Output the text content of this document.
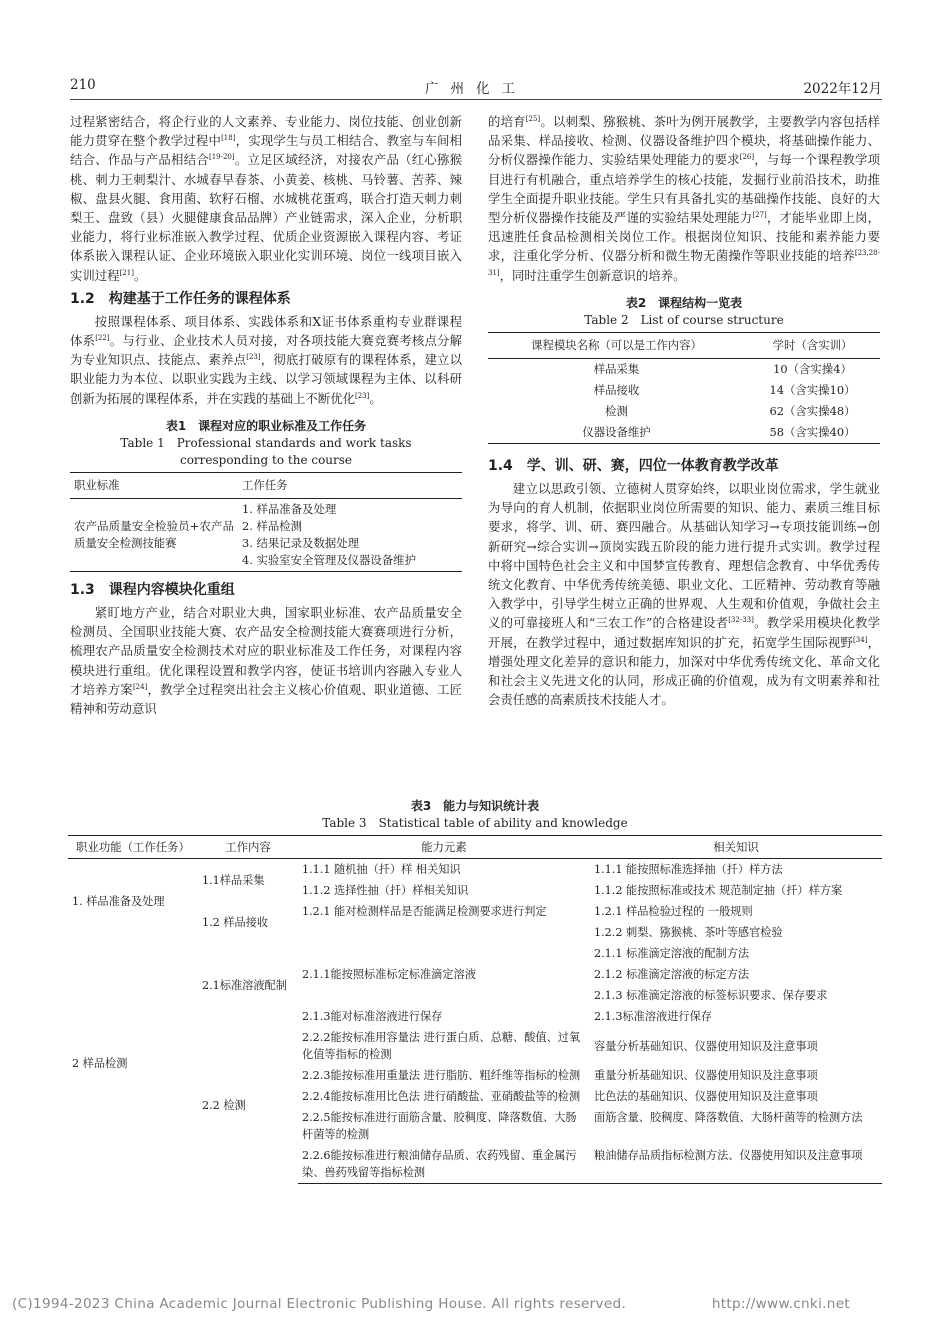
210	广州化工	2022年12月

过程紧密结合，将企行业的人文素养、专业能力、岗位技能、创业创新能力贯穿在整个教学过程中[18]，实现学生与员工相结合、教室与车间相结合、作品与产品相结合[19-20]。立足区域经济，对接农产品（红心猕猴桃、刺力王刺梨汁、水城春早春茶、小黄姜、核桃、马铃薯、苦荞、辣椒、盘县火腿、食用菌、软籽石榴、水城桃花蛋鸡，联合打造天刺力刺梨王、盘致（县）火腿健康食品品牌）产业链需求，深入企业，分析职业能力，将行业标准嵌入教学过程、优质企业资源嵌入课程内容、考证体系嵌入课程认证、企业环境嵌入职业化实训环境、岗位一线项目嵌入实训过程[21]。

1.2　构建基于工作任务的课程体系

按照课程体系、项目体系、实践体系和X证书体系重构专业群课程体系[22]。与行业、企业技术人员对接，对各项技能大赛竞赛考核点分解为专业知识点、技能点、素养点[23]，彻底打破原有的课程体系，建立以职业能力为本位、以职业实践为主线、以学习领域课程为主体、以科研创新为拓展的课程体系，并在实践的基础上不断优化[23]。

表1　课程对应的职业标准及工作任务
Table 1　Professional standards and work tasks corresponding to the course
职业标准	工作任务
农产品质量安全检验员+农产品质量安全检测技能赛	1. 样品准备及处理
2. 样品检测
3. 结果记录及数据处理
4. 实验室安全管理及仪器设备维护
1.3　课程内容模块化重组

紧盯地方产业，结合对职业大典，国家职业标准、农产品质量安全检测员、全国职业技能大赛、农产品安全检测技能大赛赛项进行分析，梳理农产品质量安全检测技术对应的职业标准及工作任务，对课程内容模块进行重组。优化课程设置和教学内容，使证书培训内容融入专业人才培养方案[24]，教学全过程突出社会主义核心价值观、职业道德、工匠精神和劳动意识

的培育[25]。以刺梨、猕猴桃、茶叶为例开展教学，主要教学内容包括样品采集、样品接收、检测、仪器设备维护四个模块，将基础操作能力、分析仪器操作能力、实验结果处理能力的要求[26]，与每一个课程教学项目进行有机融合，重点培养学生的核心技能，发掘行业前沿技术，助推学生全面提升职业技能。学生只有具备扎实的基础操作技能、良好的大型分析仪器操作技能及严谨的实验结果处理能力[27]，才能毕业即上岗，迅速胜任食品检测相关岗位工作。根据岗位知识、技能和素养能力要求，注重化学分析、仪器分析和微生物无菌操作等职业技能的培养[23,28-31]，同时注重学生创新意识的培养。

表2　课程结构一览表
Table 2　List of course structure
课程模块名称（可以是工作内容）	学时（含实训）
样品采集	10（含实操4）
样品接收	14（含实操10）
检测	62（含实操48）
仪器设备维护	58（含实操40）
1.4　学、训、研、赛，四位一体教育教学改革

建立以思政引领、立德树人贯穿始终，以职业岗位需求，学生就业为导向的育人机制，依据职业岗位所需要的知识、能力、素质三维目标要求，将学、训、研、赛四融合。从基础认知学习→专项技能训练→创新研究→综合实训→顶岗实践五阶段的能力进行提升式实训。教学过程中将中国特色社会主义和中国梦宣传教育、理想信念教育、中华优秀传统文化教育、中华优秀传统美德、职业文化、工匠精神、劳动教育等融入教学中，引导学生树立正确的世界观、人生观和价值观，争做社会主义的可靠接班人和“三农工作”的合格建设者[32-33]。教学采用模块化教学开展，在教学过程中，通过数据库知识的扩充，拓宽学生国际视野[34]，增强处理文化差异的意识和能力，加深对中华优秀传统文化、革命文化和社会主义先进文化的认同，形成正确的价值观，成为有文明素养和社会责任感的高素质技术技能人才。

表3　能力与知识统计表
Table 3　Statistical table of ability and knowledge
职业功能（工作任务）	工作内容	能力元素	相关知识
1. 样品准备及处理	1.1样品采集	1.1.1 随机抽（扦）样 相关知识	1.1.1 能按照标准选择抽（扦）样方法
		1.1.2 选择性抽（扦）样相关知识	1.1.2 能按照标准或技术 规范制定抽（扦）样方案
	1.2 样品接收	1.2.1 能对检测样品是否能满足检测要求进行判定	1.2.1 样品检验过程的 一般规则
			1.2.2 刺梨、猕猴桃、茶叶等感官检验
2 样品检测	2.1标准溶液配制		2.1.1 标准滴定溶液的配制方法
		2.1.1能按照标准标定标准滴定溶液	2.1.2 标准滴定溶液的标定方法
			2.1.3 标准滴定溶液的标签标识要求、保存要求
		2.1.3能对标准溶液进行保存	2.1.3标准溶液进行保存
	2.2 检测	2.2.2能按标准用容量法 进行蛋白质、总糖、酸值、过氧化值等指标的检测	容量分析基础知识、仪器使用知识及注意事项
		2.2.3能按标准用重量法 进行脂肪、粗纤维等指标的检测	重量分析基础知识、仪器使用知识及注意事项
		2.2.4能按标准用比色法 进行硝酸盐、亚硝酸盐等的检测	比色法的基础知识、仪器使用知识及注意事项
		2.2.5能按标准进行面筋含量、胶稠度、降落数值、大肠杆菌等的检测	面筋含量、胶稠度、降落数值、大肠杆菌等的检测方法
		2.2.6能按标准进行粮油储存品质、农药残留、重金属污染、兽药残留等指标检测	粮油储存品质指标检测方法、仪器使用知识及注意事项
(C)1994-2023 China Academic Journal Electronic Publishing House. All rights reserved.	http://www.cnki.net
